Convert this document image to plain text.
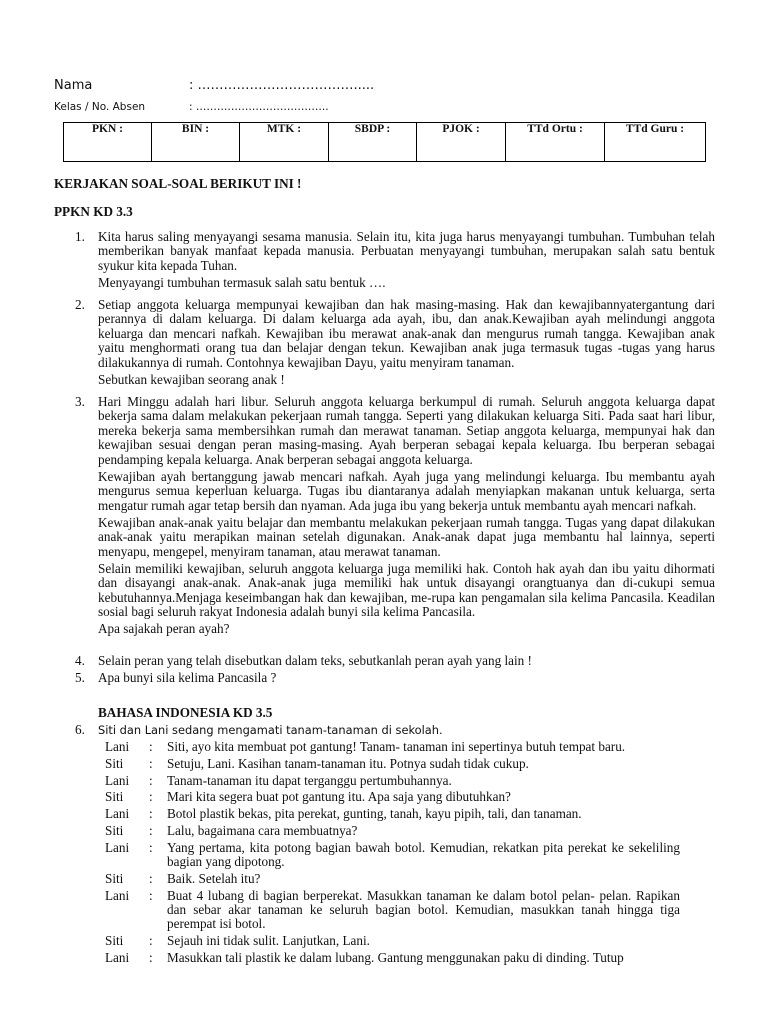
Nama	: ……………………………….....
Kelas / No. Absen	: ………………………………..
PKN :	BIN :	MTK :	SBDP :	PJOK :	TTd Ortu :	TTd Guru :
KERJAKAN SOAL-SOAL BERIKUT INI !
PPKN KD 3.3
1. Kita harus saling menyayangi sesama manusia. Selain itu, kita juga harus menyayangi tumbuhan. Tumbuhan telah memberikan banyak manfaat kepada manusia. Perbuatan menyayangi tumbuhan, merupakan salah satu bentuk syukur kita kepada Tuhan.

Menyayangi tumbuhan termasuk salah satu bentuk ….

2. Setiap anggota keluarga mempunyai kewajiban dan hak masing-masing. Hak dan kewajibannyatergantung dari perannya di dalam keluarga. Di dalam keluarga ada ayah, ibu, dan anak.Kewajiban ayah melindungi anggota keluarga dan mencari nafkah. Kewajiban ibu merawat anak-anak dan mengurus rumah tangga. Kewajiban anak yaitu menghormati orang tua dan belajar dengan tekun. Kewajiban anak juga termasuk tugas -tugas yang harus dilakukannya di rumah. Contohnya kewajiban Dayu, yaitu menyiram tanaman.

Sebutkan kewajiban seorang anak !

3. Hari Minggu adalah hari libur. Seluruh anggota keluarga berkumpul di rumah. Seluruh anggota keluarga dapat bekerja sama dalam melakukan pekerjaan rumah tangga. Seperti yang dilakukan keluarga Siti. Pada saat hari libur, mereka bekerja sama membersihkan rumah dan merawat tanaman. Setiap anggota keluarga, mempunyai hak dan kewajiban sesuai dengan peran masing-masing. Ayah berperan sebagai kepala keluarga. Ibu berperan sebagai pendamping kepala keluarga. Anak berperan sebagai anggota keluarga.

Kewajiban ayah bertanggung jawab mencari nafkah. Ayah juga yang melindungi keluarga. Ibu membantu ayah mengurus semua keperluan keluarga. Tugas ibu diantaranya adalah menyiapkan makanan untuk keluarga, serta mengatur rumah agar tetap bersih dan nyaman. Ada juga ibu yang bekerja untuk membantu ayah mencari nafkah.

Kewajiban anak-anak yaitu belajar dan membantu melakukan pekerjaan rumah tangga. Tugas yang dapat dilakukan anak-anak yaitu merapikan mainan setelah digunakan. Anak-anak dapat juga membantu hal lainnya, seperti menyapu, mengepel, menyiram tanaman, atau merawat tanaman.

Selain memiliki kewajiban, seluruh anggota keluarga juga memiliki hak. Contoh hak ayah dan ibu yaitu dihormati dan disayangi anak-anak. Anak-anak juga memiliki hak untuk disayangi orangtuanya dan di-cukupi semua kebutuhannya.Menjaga keseimbangan hak dan kewajiban, me-rupa kan pengamalan sila kelima Pancasila. Keadilan sosial bagi seluruh rakyat Indonesia adalah bunyi sila kelima Pancasila.

Apa sajakah peran ayah?

4. Selain peran yang telah disebutkan dalam teks, sebutkanlah peran ayah yang lain !

5. Apa bunyi sila kelima Pancasila ?

BAHASA INDONESIA KD 3.5
6. Siti dan Lani sedang mengamati tanam-tanaman di sekolah.
Lani	:	Siti, ayo kita membuat pot gantung! Tanam- tanaman ini sepertinya butuh tempat baru.
Siti	:	Setuju, Lani. Kasihan tanam-tanaman itu. Potnya sudah tidak cukup.
Lani	:	Tanam-tanaman itu dapat terganggu pertumbuhannya.
Siti	:	Mari kita segera buat pot gantung itu. Apa saja yang dibutuhkan?
Lani	:	Botol plastik bekas, pita perekat, gunting, tanah, kayu pipih, tali, dan tanaman.
Siti	:	Lalu, bagaimana cara membuatnya?
Lani	:	Yang pertama, kita potong bagian bawah botol. Kemudian, rekatkan pita perekat ke sekeliling bagian yang dipotong.
Siti	:	Baik. Setelah itu?
Lani	:	Buat 4 lubang di bagian berperekat. Masukkan tanaman ke dalam botol pelan- pelan. Rapikan dan sebar akar tanaman ke seluruh bagian botol. Kemudian, masukkan tanah hingga tiga perempat isi botol.
Siti	:	Sejauh ini tidak sulit. Lanjutkan, Lani.
Lani	:	Masukkan tali plastik ke dalam lubang. Gantung menggunakan paku di dinding. Tutup
